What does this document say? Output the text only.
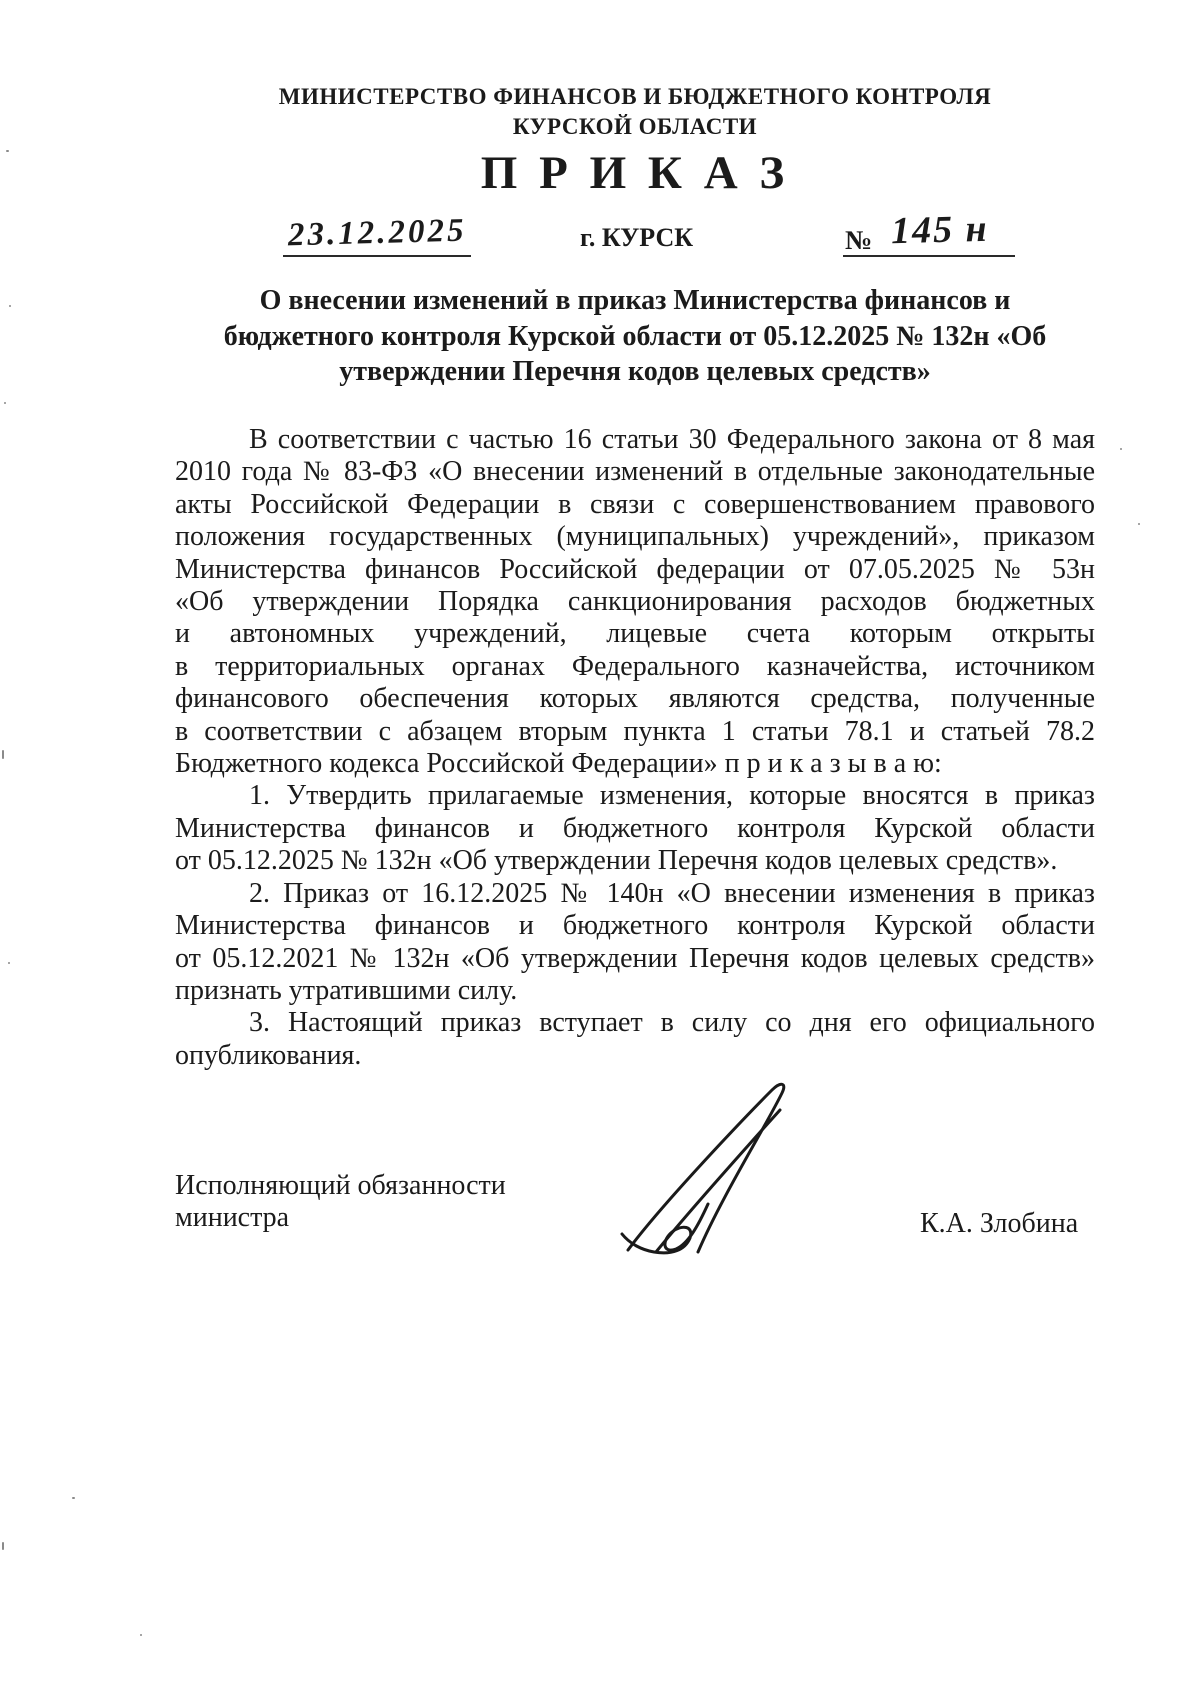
МИНИСТЕРСТВО ФИНАНСОВ И БЮДЖЕТНОГО КОНТРОЛЯ
КУРСКОЙ ОБЛАСТИ
П Р И К А З
23.12.2025	г. КУРСК	№ 145 н
О внесении изменений в приказ Министерства финансов и
бюджетного контроля Курской области от 05.12.2025 № 132н «Об
утверждении Перечня кодов целевых средств»
В соответствии с частью 16 статьи 30 Федерального закона от 8 мая
2010 года № 83-ФЗ «О внесении изменений в отдельные законодательные
акты Российской Федерации в связи с совершенствованием правового
положения государственных (муниципальных) учреждений», приказом
Министерства финансов Российской федерации от 07.05.2025 № 53н
«Об утверждении Порядка санкционирования расходов бюджетных
и автономных учреждений, лицевые счета которым открыты
в территориальных органах Федерального казначейства, источником
финансового обеспечения которых являются средства, полученные
в соответствии с абзацем вторым пункта 1 статьи 78.1 и статьей 78.2
Бюджетного кодекса Российской Федерации» п р и к а з ы в а ю:
1. Утвердить прилагаемые изменения, которые вносятся в приказ
Министерства финансов и бюджетного контроля Курской области
от 05.12.2025 № 132н «Об утверждении Перечня кодов целевых средств».
2. Приказ от 16.12.2025 № 140н «О внесении изменения в приказ
Министерства финансов и бюджетного контроля Курской области
от 05.12.2021 № 132н «Об утверждении Перечня кодов целевых средств»
признать утратившими силу.
3. Настоящий приказ вступает в силу со дня его официального
опубликования.
Исполняющий обязанности
министра	К.А. Злобина
